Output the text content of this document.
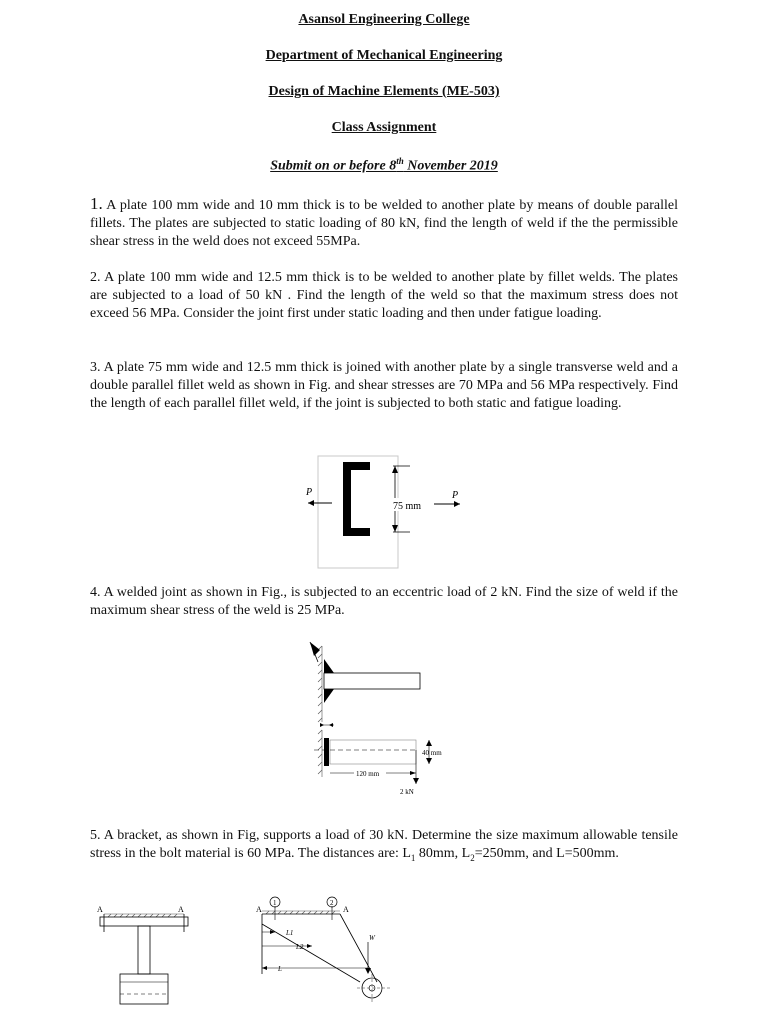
Asansol Engineering College
Department of Mechanical Engineering
Design of Machine Elements (ME-503)
Class Assignment
Submit on or before 8th November 2019
1. A plate 100 mm wide and 10 mm thick is to be welded to another plate by means of double parallel fillets. The plates are subjected to static loading of 80 kN, find the length of weld if the the permissible shear stress in the weld does not exceed 55MPa.
2. A plate 100 mm wide and 12.5 mm thick is to be welded to another plate by fillet welds. The plates are subjected to a load of 50 kN . Find the length of the weld so that the maximum stress does not exceed 56 MPa. Consider the joint first under static loading and then under fatigue loading.
3. A plate 75 mm wide and 12.5 mm thick is joined with another plate by a single transverse weld and a double parallel fillet weld as shown in Fig. and shear stresses are 70 MPa and 56 MPa respectively. Find the length of each parallel fillet weld, if the joint is subjected to both static and fatigue loading.
P
75 mm
P
4. A welded joint as shown in Fig., is subjected to an eccentric load of 2 kN. Find the size of weld if the maximum shear stress of the weld is 25 MPa.
40 mm
120 mm
2 kN
5. A bracket, as shown in Fig, supports a load of 30 kN. Determine the size maximum allowable tensile stress in the bolt material is 60 MPa. The distances are: $L_1$ 80mm, $L_2=250mm$, and L=500mm.
A	A	A	A
1	2
W
L1
L2
L
